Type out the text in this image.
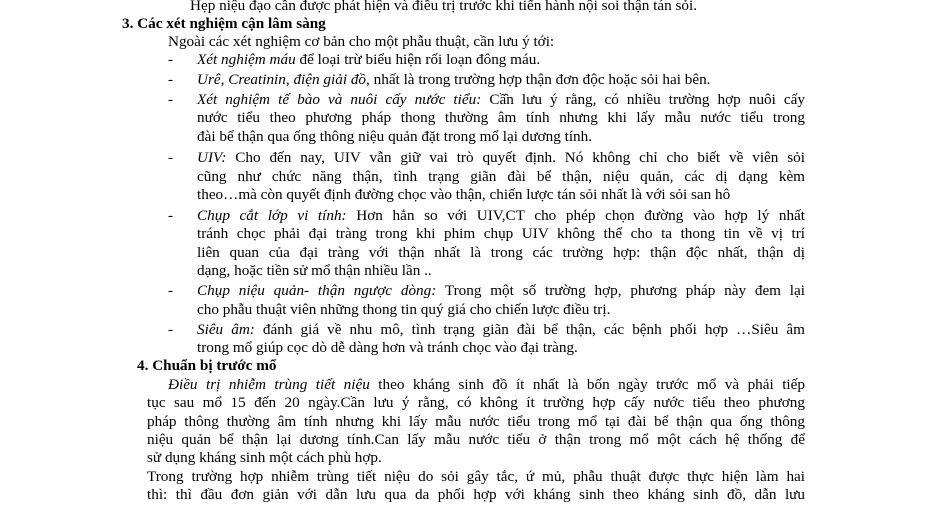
Hẹp niệu đạo cần được phát hiện và điều trị trước khi tiến hành nội soi thận tán sỏi.
3. Các xét nghiệm cận lâm sàng
Ngoài các xét nghiệm cơ bản cho một phẫu thuật, cần lưu ý tới:
- Xét nghiệm máu để loại trừ biểu hiện rối loạn đông máu.
- Urê, Creatinin, điện giải đồ, nhất là trong trường hợp thận đơn độc hoặc sỏi hai bên.
- Xét nghiệm tế bào và nuôi cấy nước tiểu: Cầ̂n lưu ý rằng, có nhiều trường hợp nuôi cấy
nước tiểu theo phương pháp thong thường âm tính nhưng khi lấy mẫu nước tiểu trong
đài bể thận qua ống thông niệu quản đặt trong mổ lại dương tính.
- UIV: Cho đến nay, UIV vẫn giữ vai trò quyết định. Nó không chỉ cho biết về viên sỏi
cũng như chức năng thận, tình trạng giãn đài bể thận, niệu quản, các dị dạng kèm
theo…mà còn quyết định đường chọc vào thận, chiến lược tán sỏi nhất là với sỏi san hô
- Chụp cắt lớp vi tính: Hơn hẳn so với UIV,CT cho phép chọn đường vào hợp lý nhất
tránh chọc phải đại tràng trong khi phim chụp UIV không thể cho ta thong tin về vị trí
liên quan của đại tràng với thận nhất là trong các trường hợp: thận độc nhất, thận dị
dạng, hoặc tiền sử mổ thận nhiều lần ..
- Chụp niệu quản- thận ngược dòng: Trong một số trường hợp, phương pháp này đem lại
cho phẫu thuật viên những thong tin quý giá cho chiến lược điều trị.
- Siêu âm: đánh giá về nhu mô, tình trạng giãn đài bể thận, các bệnh phối hợp …Siêu âm
trong mổ giúp cọc dò dễ dàng hơn và tránh chọc vào đại tràng.
4. Chuẩn bị trước mổ
Điều trị nhiễm trùng tiết niệu theo kháng sinh đồ ít nhất là bốn ngày trước mổ và phải tiếp
tục sau mổ 15 đến 20 ngày.Cần lưu ý rằng, có không ít trường hợp cấy nước tiểu theo phương
pháp thông thường âm tính nhưng khi lấy mẫu nước tiểu trong mổ tại đài bể thận qua ống thông
niệu quản bể thận lại dương tính.Can lấy mẫu nước tiểu ở thận trong mổ một cách hệ thống để
sử dụng kháng sinh một cách phù hợp.
Trong trường hợp nhiễm trùng tiết niệu do sỏi gây tắc, ứ mủ, phẫu thuật được thực hiện làm hai
thì: thì đầu đơn giản với dẫn lưu qua da phối hợp với kháng sinh theo kháng sinh đồ, dẫn lưu
